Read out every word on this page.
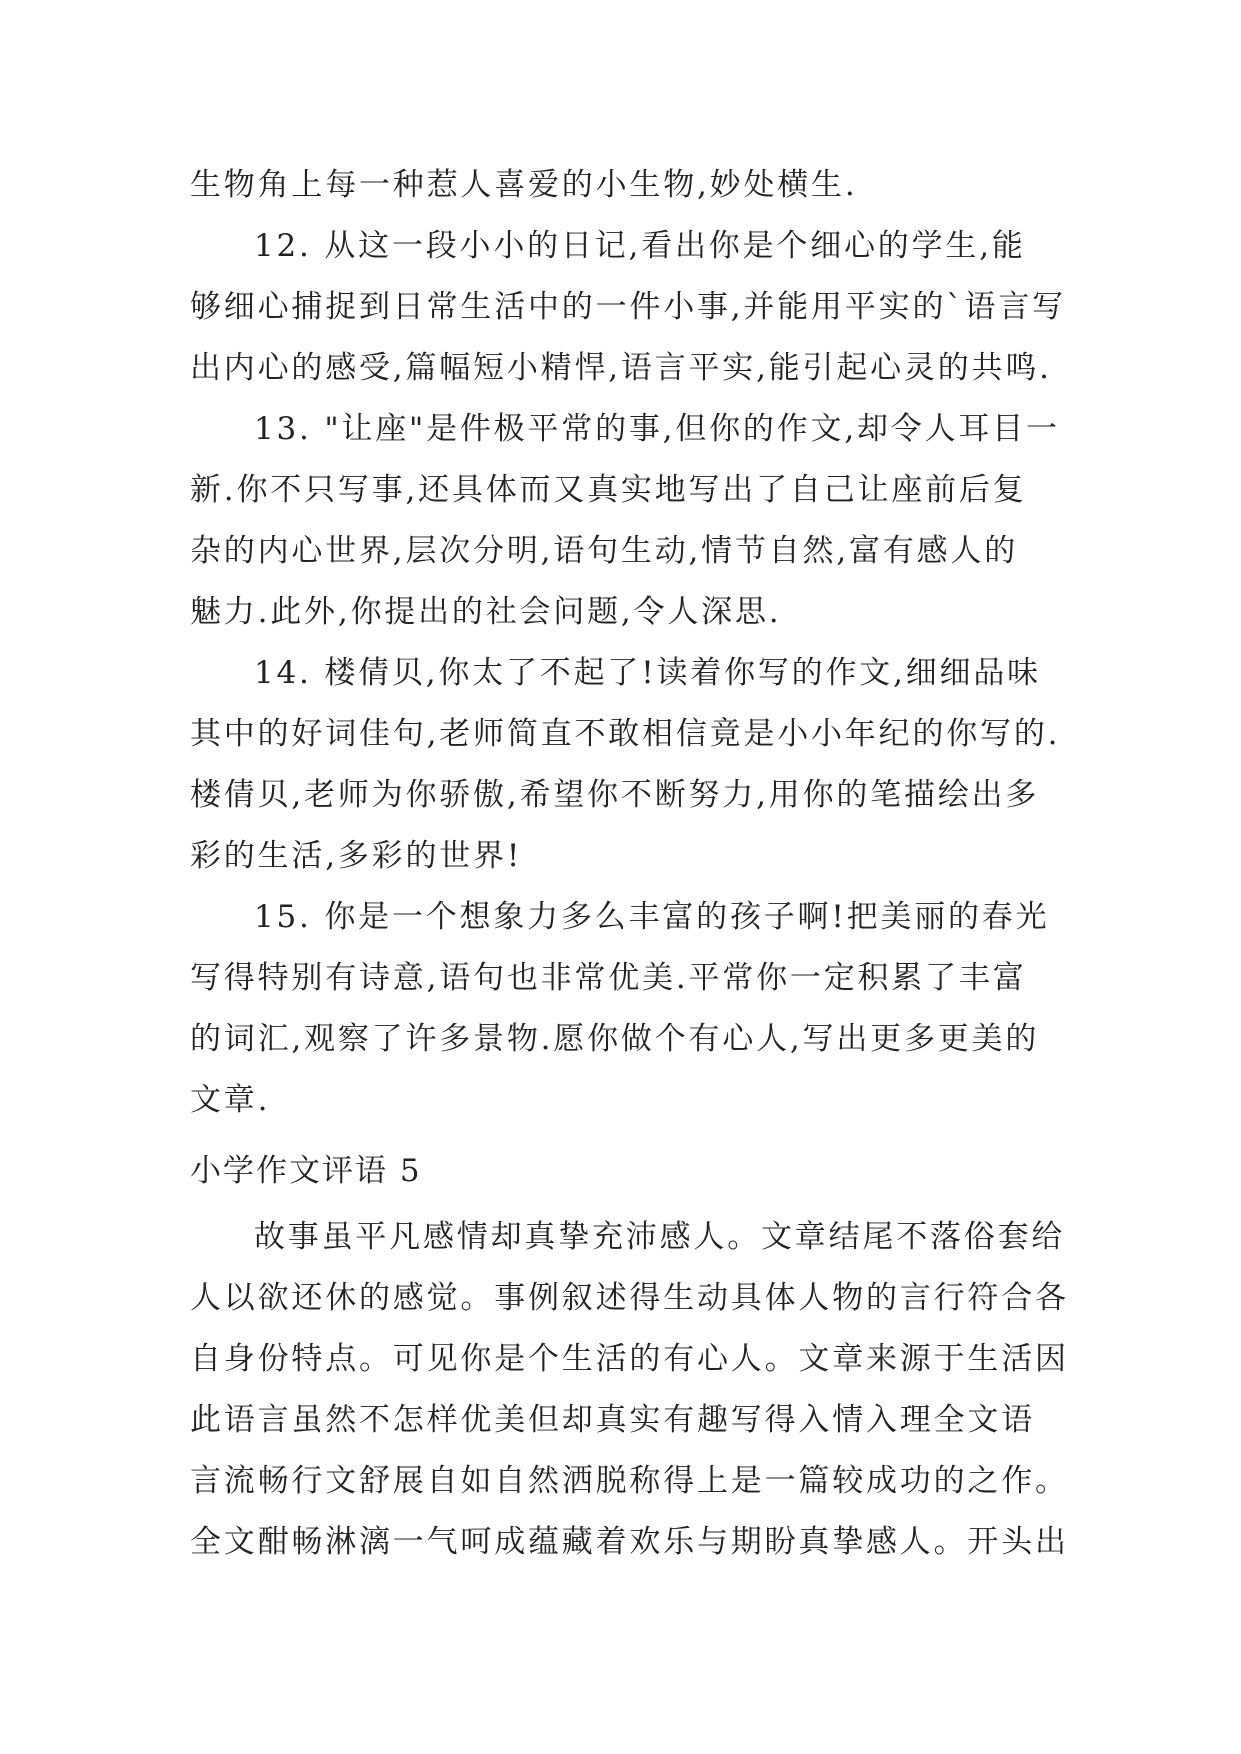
生物角上每一种惹人喜爱的小生物,妙处横生.
12. 从这一段小小的日记,看出你是个细心的学生,能
够细心捕捉到日常生活中的一件小事,并能用平实的`语言写
出内心的感受,篇幅短小精悍,语言平实,能引起心灵的共鸣.
13. "让座"是件极平常的事,但你的作文,却令人耳目一
新.你不只写事,还具体而又真实地写出了自己让座前后复
杂的内心世界,层次分明,语句生动,情节自然,富有感人的
魅力.此外,你提出的社会问题,令人深思.
14. 楼倩贝,你太了不起了!读着你写的作文,细细品味
其中的好词佳句,老师简直不敢相信竟是小小年纪的你写的.
楼倩贝,老师为你骄傲,希望你不断努力,用你的笔描绘出多
彩的生活,多彩的世界!
15. 你是一个想象力多么丰富的孩子啊!把美丽的春光
写得特别有诗意,语句也非常优美.平常你一定积累了丰富
的词汇,观察了许多景物.愿你做个有心人,写出更多更美的
文章.
小学作文评语 5
故事虽平凡感情却真挚充沛感人。文章结尾不落俗套给
人以欲还休的感觉。事例叙述得生动具体人物的言行符合各
自身份特点。可见你是个生活的有心人。文章来源于生活因
此语言虽然不怎样优美但却真实有趣写得入情入理全文语
言流畅行文舒展自如自然洒脱称得上是一篇较成功的之作。
全文酣畅淋漓一气呵成蕴藏着欢乐与期盼真挚感人。开头出
